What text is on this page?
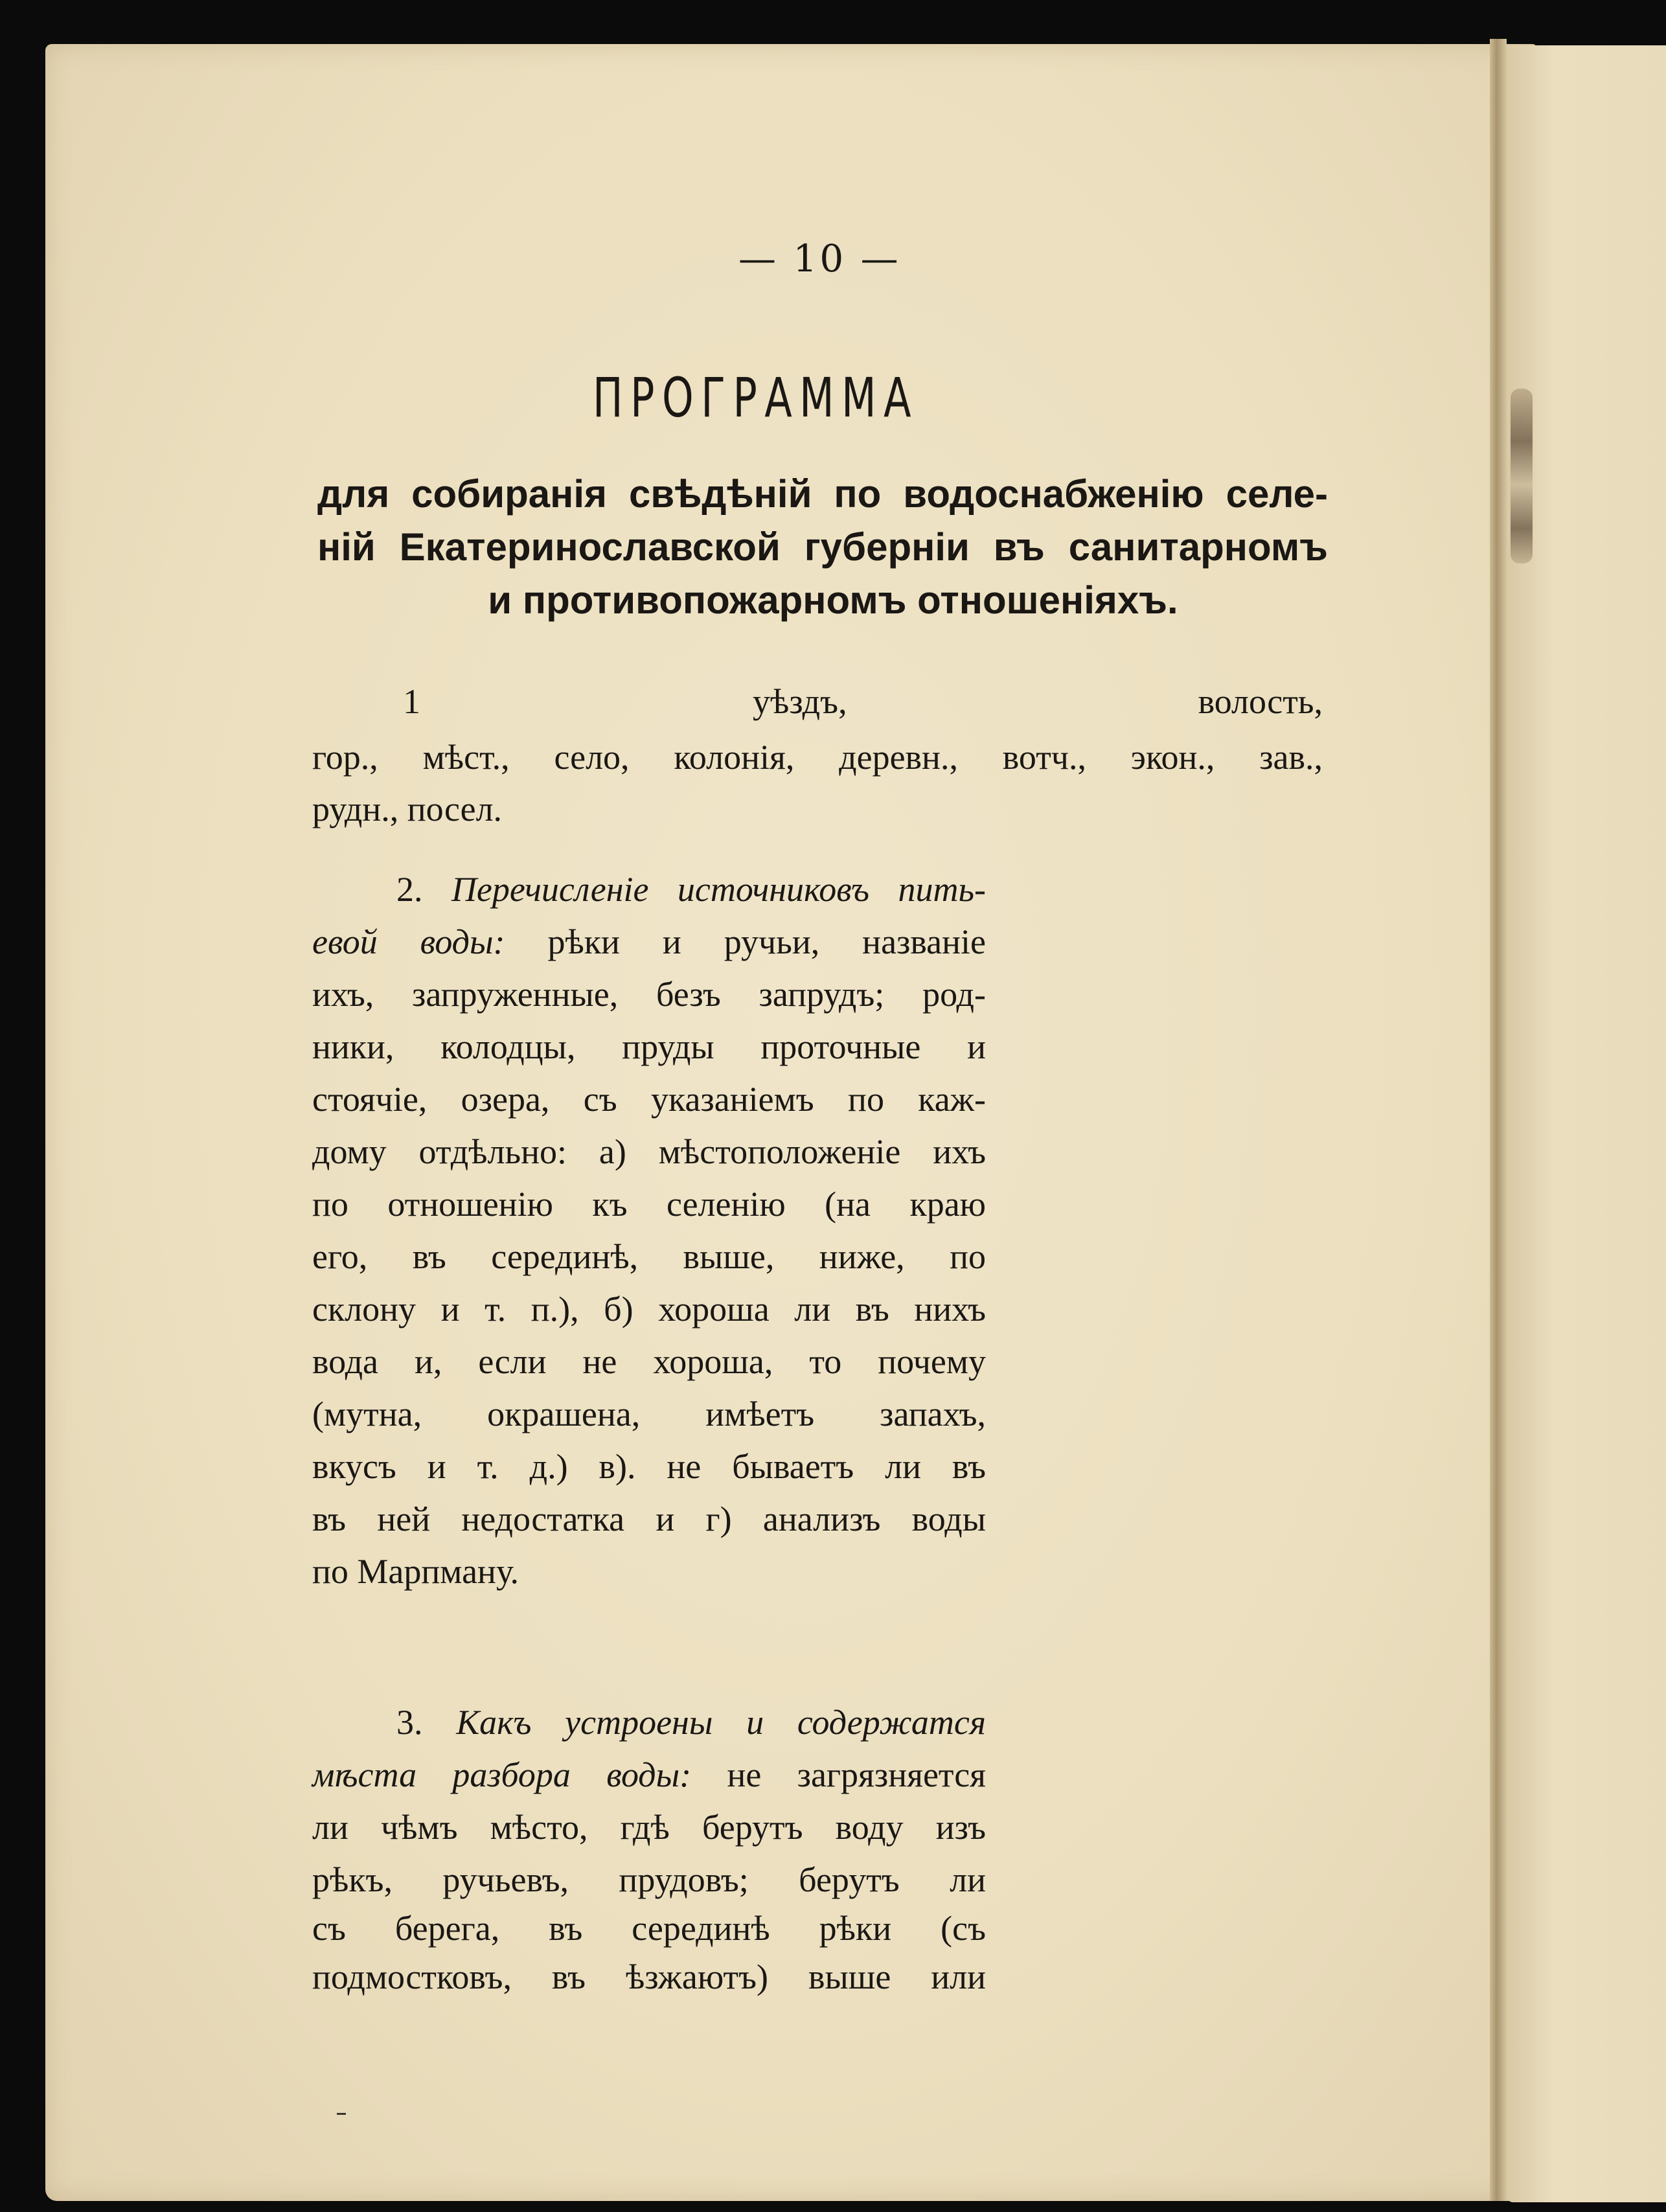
— 10 —
ПРОГРАММА
для собиранія свѣдѣній по водоснабженію селе-
ній Екатеринославской губерніи въ санитарномъ
и противопожарномъ отношеніяхъ.
1	уѣздъ,	волость,
гор., мѣст., село, колонія, деревн., вотч., экон., зав.,
рудн., посел.
2. Перечисленіе источниковъ пить-
евой воды: рѣки и ручьи, названіе
ихъ, запруженные, безъ запрудъ; род-
ники, колодцы, пруды проточные и
стоячіе, озера, съ указаніемъ по каж-
дому отдѣльно: а) мѣстоположеніе ихъ
по отношенію къ селенію (на краю
его, въ серединѣ, выше, ниже, по
склону и т. п.), б) хороша ли въ нихъ
вода и, если не хороша, то почему
(мутна, окрашена, имѣетъ запахъ,
вкусъ и т. д.) в). не бываетъ ли въ
въ ней недостатка и г) анализъ воды
по Марпману.
3. Какъ устроены и содержатся
мѣста разбора воды: не загрязняется
ли чѣмъ мѣсто, гдѣ берутъ воду изъ
рѣкъ, ручьевъ, прудовъ; берутъ ли
съ берега, въ серединѣ рѣки (съ
подмостковъ, въ ѣзжаютъ) выше или
